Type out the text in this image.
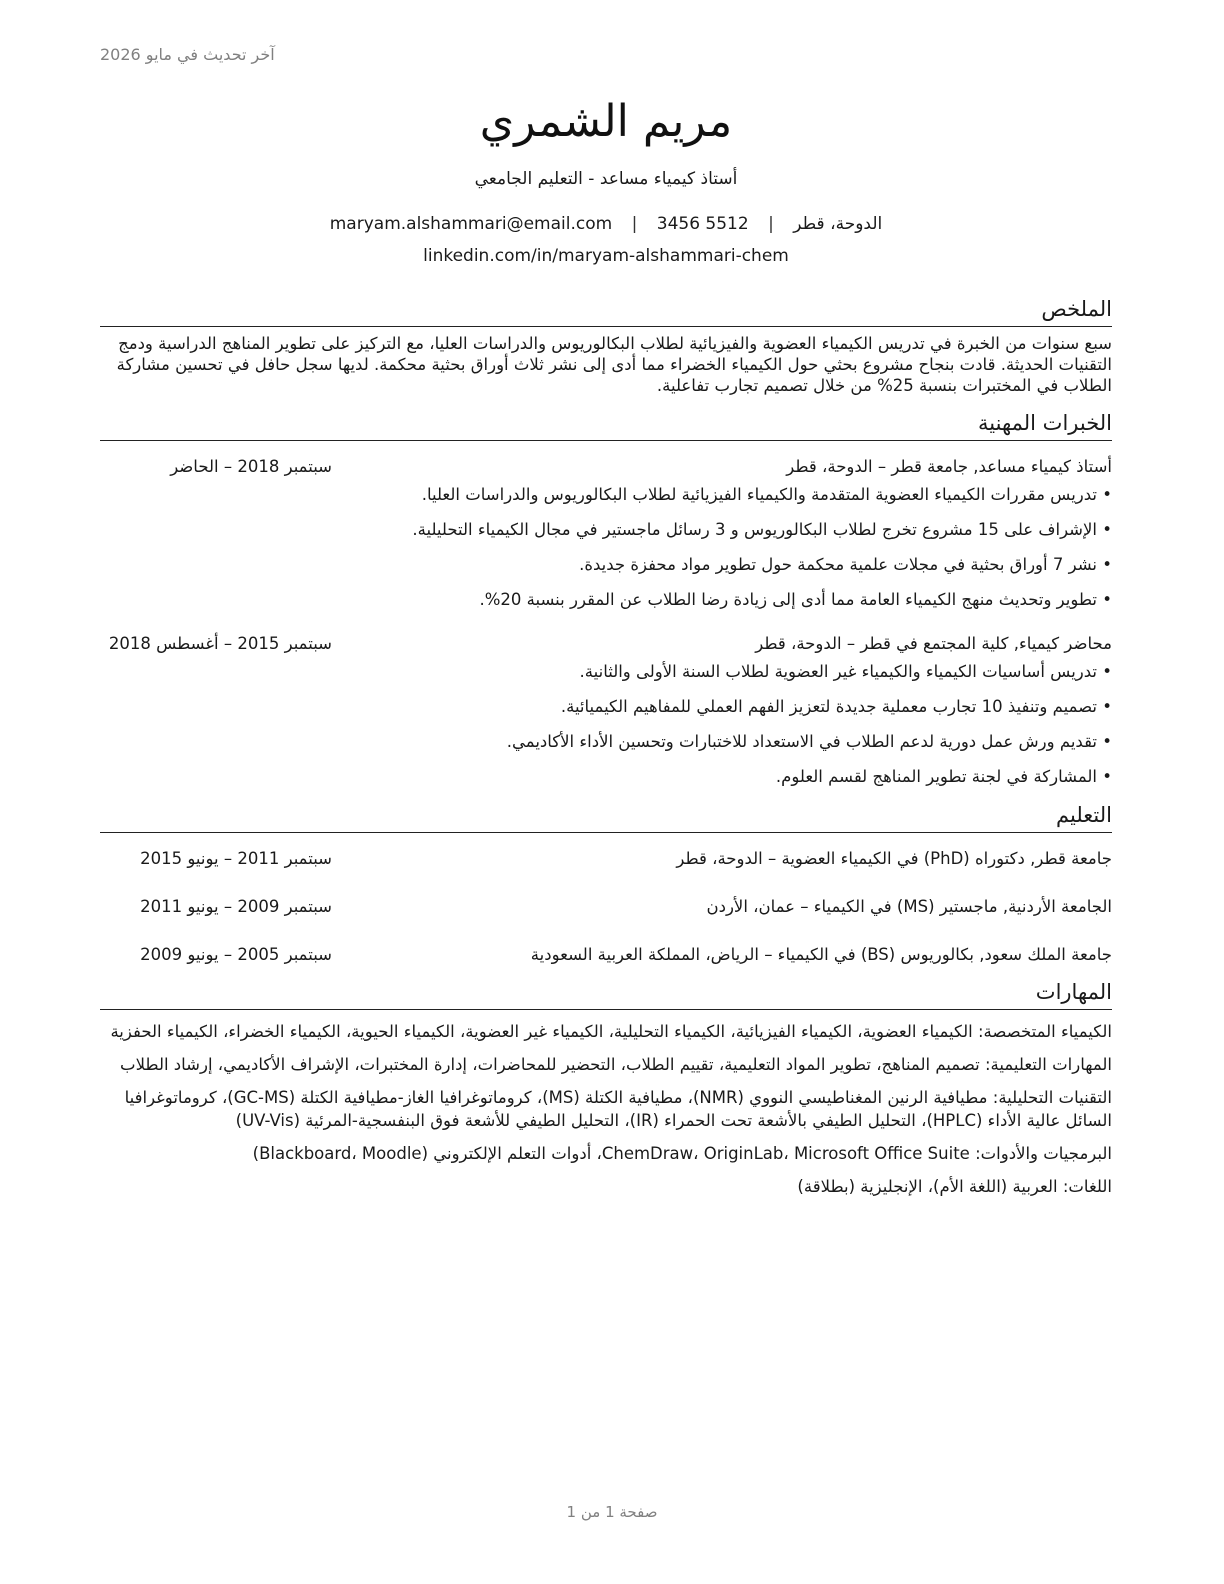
آخر تحديث في مايو 2026
مريم الشمري
أستاذ كيمياء مساعد - التعليم الجامعي
الدوحة، قطر | maryam.alshammari@email.com | 3456 5512
linkedin.com/in/maryam-alshammari-chem
الملخص
سبع سنوات من الخبرة في تدريس الكيمياء العضوية والفيزيائية لطلاب البكالوريوس والدراسات العليا، مع التركيز على تطوير المناهج الدراسية ودمج التقنيات الحديثة. قادت بنجاح مشروع بحثي حول الكيمياء الخضراء مما أدى إلى نشر ثلاث أوراق بحثية محكمة. لديها سجل حافل في تحسين مشاركة الطلاب في المختبرات بنسبة 25% من خلال تصميم تجارب تفاعلية.
الخبرات المهنية
أستاذ كيمياء مساعد, جامعة قطر – الدوحة، قطر
سبتمبر 2018 – الحاضر
• تدريس مقررات الكيمياء العضوية المتقدمة والكيمياء الفيزيائية لطلاب البكالوريوس والدراسات العليا.
• الإشراف على 15 مشروع تخرج لطلاب البكالوريوس و 3 رسائل ماجستير في مجال الكيمياء التحليلية.
• نشر 7 أوراق بحثية في مجلات علمية محكمة حول تطوير مواد محفزة جديدة.
• تطوير وتحديث منهج الكيمياء العامة مما أدى إلى زيادة رضا الطلاب عن المقرر بنسبة 20%.
محاضر كيمياء, كلية المجتمع في قطر – الدوحة، قطر
سبتمبر 2015 – أغسطس 2018
• تدريس أساسيات الكيمياء والكيمياء غير العضوية لطلاب السنة الأولى والثانية.
• تصميم وتنفيذ 10 تجارب معملية جديدة لتعزيز الفهم العملي للمفاهيم الكيميائية.
• تقديم ورش عمل دورية لدعم الطلاب في الاستعداد للاختبارات وتحسين الأداء الأكاديمي.
• المشاركة في لجنة تطوير المناهج لقسم العلوم.
التعليم
جامعة قطر, دكتوراه (PhD) في الكيمياء العضوية – الدوحة، قطر
سبتمبر 2011 – يونيو 2015
الجامعة الأردنية, ماجستير (MS) في الكيمياء – عمان، الأردن
سبتمبر 2009 – يونيو 2011
جامعة الملك سعود, بكالوريوس (BS) في الكيمياء – الرياض، المملكة العربية السعودية
سبتمبر 2005 – يونيو 2009
المهارات
الكيمياء المتخصصة: الكيمياء العضوية، الكيمياء الفيزيائية، الكيمياء التحليلية، الكيمياء غير العضوية، الكيمياء الحيوية، الكيمياء الخضراء، الكيمياء الحفزية
المهارات التعليمية: تصميم المناهج، تطوير المواد التعليمية، تقييم الطلاب، التحضير للمحاضرات، إدارة المختبرات، الإشراف الأكاديمي، إرشاد الطلاب
التقنيات التحليلية: مطيافية الرنين المغناطيسي النووي (NMR)، مطيافية الكتلة (MS)، كروماتوغرافيا الغاز-مطيافية الكتلة (GC-MS)، كروماتوغرافيا السائل عالية الأداء (HPLC)، التحليل الطيفي بالأشعة تحت الحمراء (IR)، التحليل الطيفي للأشعة فوق البنفسجية-المرئية (UV-Vis)
البرمجيات والأدوات: ChemDraw، OriginLab، Microsoft Office Suite، أدوات التعلم الإلكتروني (Blackboard، Moodle)
اللغات: العربية (اللغة الأم)، الإنجليزية (بطلاقة)
صفحة 1 من 1
